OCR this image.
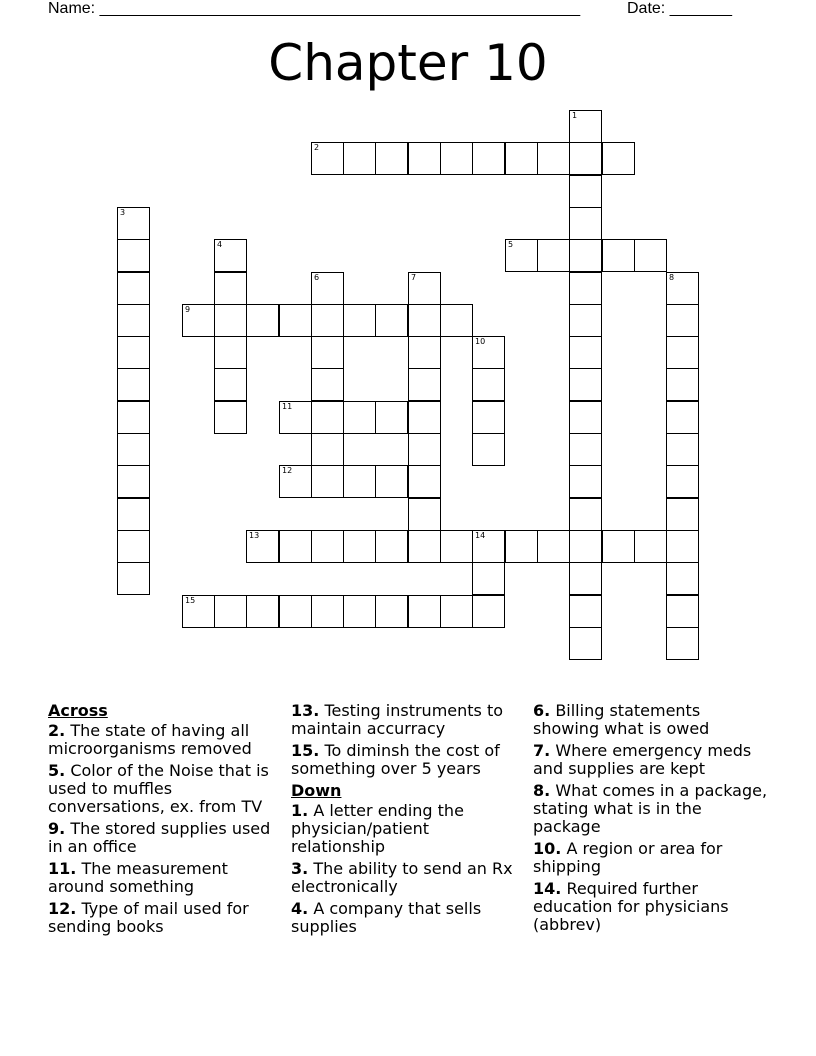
Name: ______________________________________________________	Date: _______
Chapter 10
1
2
3
4	5
6	7	8
9
10
11
12
13	14
15
Across
2. The state of having all microorganisms removed
5. Color of the Noise that is used to muffles conversations, ex. from TV
9. The stored supplies used in an office
11. The measurement around something
12. Type of mail used for sending books
13. Testing instruments to maintain accurracy
15. To diminsh the cost of something over 5 years
Down
1. A letter ending the physician/patient relationship
3. The ability to send an Rx electronically
4. A company that sells supplies
6. Billing statements showing what is owed
7. Where emergency meds and supplies are kept
8. What comes in a package, stating what is in the package
10. A region or area for shipping
14. Required further education for physicians (abbrev)
